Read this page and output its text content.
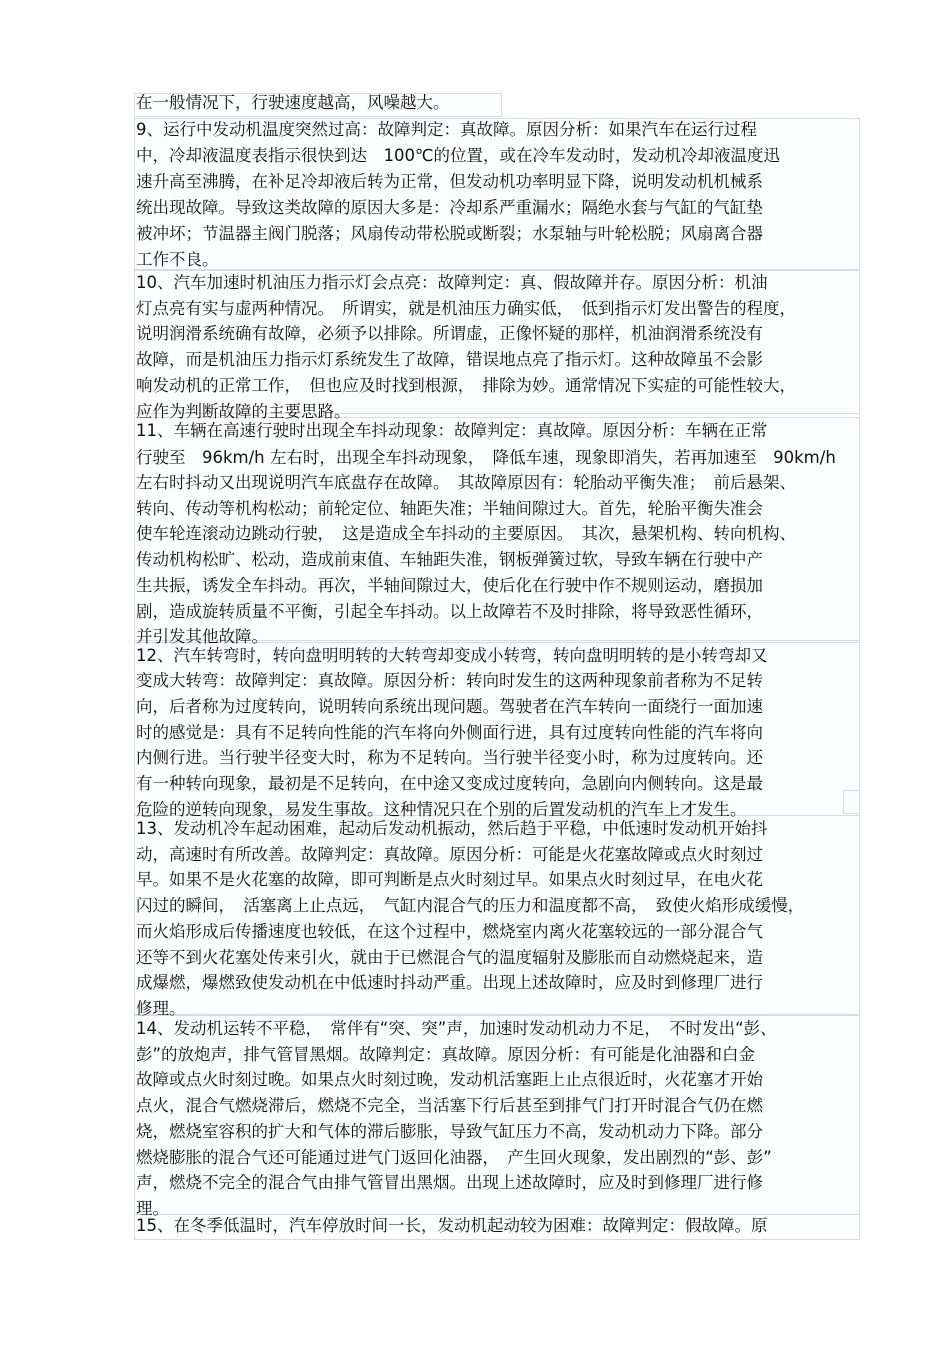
在一般情况下，行驶速度越高，风噪越大。
9、运行中发动机温度突然过高：故障判定：真故障。原因分析：如果汽车在运行过程
中，冷却液温度表指示很快到达　100℃的位置，或在冷车发动时，发动机冷却液温度迅
速升高至沸腾，在补足冷却液后转为正常，但发动机功率明显下降，说明发动机机械系
统出现故障。导致这类故障的原因大多是：冷却系严重漏水；隔绝水套与气缸的气缸垫
被冲坏；节温器主阀门脱落；风扇传动带松脱或断裂；水泵轴与叶轮松脱；风扇离合器
工作不良。
10、汽车加速时机油压力指示灯会点亮：故障判定：真、假故障并存。原因分析：机油
灯点亮有实与虚两种情况。　所谓实，就是机油压力确实低，　低到指示灯发出警告的程度，
说明润滑系统确有故障，必须予以排除。所谓虚，正像怀疑的那样，机油润滑系统没有
故障，而是机油压力指示灯系统发生了故障，错误地点亮了指示灯。这种故障虽不会影
响发动机的正常工作，　但也应及时找到根源，　排除为妙。通常情况下实症的可能性较大，
应作为判断故障的主要思路。
11、车辆在高速行驶时出现全车抖动现象：故障判定：真故障。原因分析：车辆在正常
行驶至　96km/h 左右时，出现全车抖动现象，　降低车速，现象即消失，若再加速至　90km/h
左右时抖动又出现说明汽车底盘存在故障。　其故障原因有：轮胎动平衡失准；　前后悬架、
转向、传动等机构松动；前轮定位、轴距失准；半轴间隙过大。首先，轮胎平衡失准会
使车轮连滚动边跳动行驶，　这是造成全车抖动的主要原因。　其次，悬架机构、转向机构、
传动机构松旷、松动，造成前束值、车轴距失准，钢板弹簧过软，导致车辆在行驶中产
生共振，诱发全车抖动。再次，半轴间隙过大，使后化在行驶中作不规则运动，磨损加
剧，造成旋转质量不平衡，引起全车抖动。以上故障若不及时排除，将导致恶性循环，
并引发其他故障。
12、汽车转弯时，转向盘明明转的大转弯却变成小转弯，转向盘明明转的是小转弯却又
变成大转弯：故障判定：真故障。原因分析：转向时发生的这两种现象前者称为不足转
向，后者称为过度转向，说明转向系统出现问题。驾驶者在汽车转向一面绕行一面加速
时的感觉是：具有不足转向性能的汽车将向外侧面行进，具有过度转向性能的汽车将向
内侧行进。当行驶半径变大时，称为不足转向。当行驶半径变小时，称为过度转向。还
有一种转向现象，最初是不足转向，在中途又变成过度转向，急剧向内侧转向。这是最
危险的逆转向现象，易发生事故。这种情况只在个别的后置发动机的汽车上才发生。
13、发动机冷车起动困难，起动后发动机振动，然后趋于平稳，中低速时发动机开始抖
动，高速时有所改善。故障判定：真故障。原因分析：可能是火花塞故障或点火时刻过
早。如果不是火花塞的故障，即可判断是点火时刻过早。如果点火时刻过早，在电火花
闪过的瞬间，　活塞离上止点远，　气缸内混合气的压力和温度都不高，　致使火焰形成缓慢，
而火焰形成后传播速度也较低，在这个过程中，燃烧室内离火花塞较远的一部分混合气
还等不到火花塞处传来引火，就由于已燃混合气的温度辐射及膨胀而自动燃烧起来，造
成爆燃，爆燃致使发动机在中低速时抖动严重。出现上述故障时，应及时到修理厂进行
修理。
14、发动机运转不平稳，　常伴有“突、突”声，加速时发动机动力不足，　不时发出“彭、
彭”的放炮声，排气管冒黑烟。故障判定：真故障。原因分析：有可能是化油器和白金
故障或点火时刻过晚。如果点火时刻过晚，发动机活塞距上止点很近时，火花塞才开始
点火，混合气燃烧滞后，燃烧不完全，当活塞下行后甚至到排气门打开时混合气仍在燃
烧，燃烧室容积的扩大和气体的滞后膨胀，导致气缸压力不高，发动机动力下降。部分
燃烧膨胀的混合气还可能通过进气门返回化油器，　产生回火现象，发出剧烈的“彭、彭”
声，燃烧不完全的混合气由排气管冒出黑烟。出现上述故障时，应及时到修理厂进行修
理。
15、在冬季低温时，汽车停放时间一长，发动机起动较为困难：故障判定：假故障。原
